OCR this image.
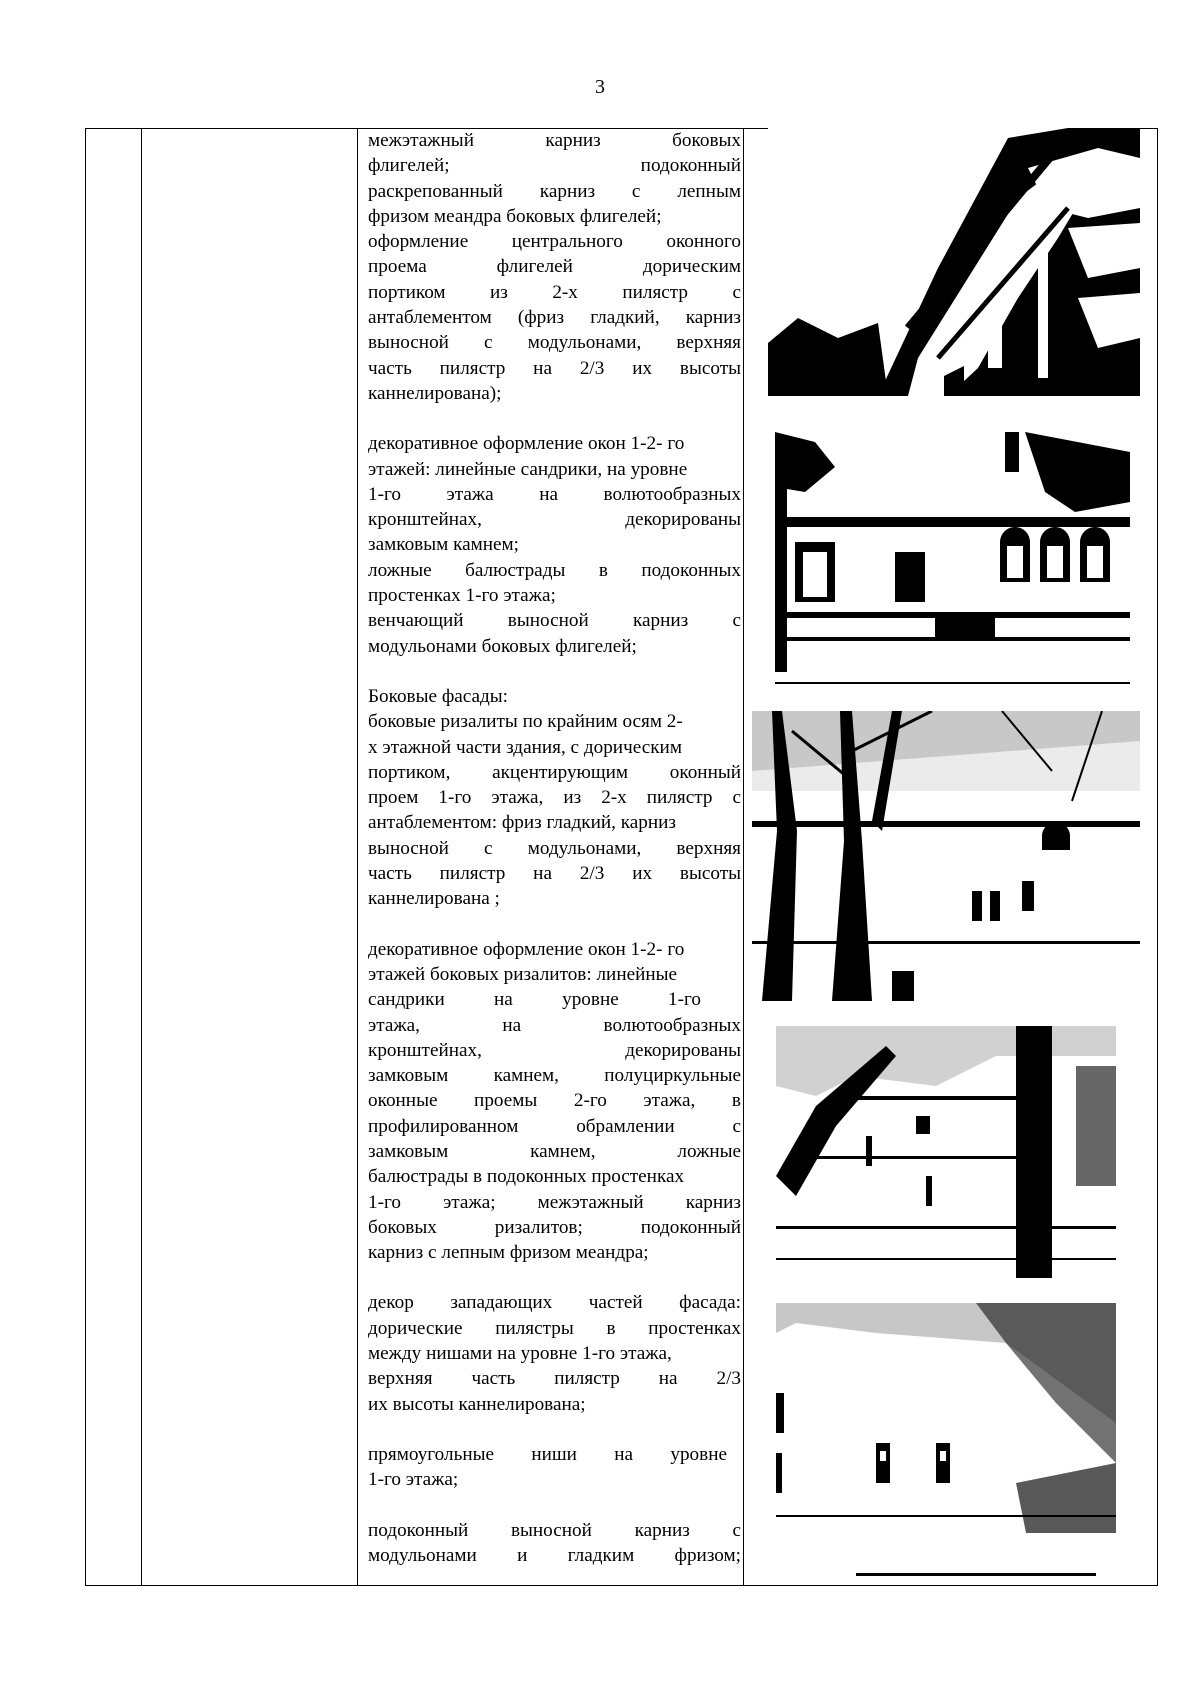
3
межэтажный карниз боковых
флигелей; подоконный
раскрепованный карниз с лепным
фризом меандра боковых флигелей;
оформление центрального оконного
проема флигелей дорическим
портиком из 2-х пилястр с
антаблементом (фриз гладкий, карниз
выносной с модульонами, верхняя
часть пилястр на 2/3 их высоты
каннелирована);
декоративное оформление окон 1-2- го
этажей: линейные сандрики, на уровне
1-го этажа на волютообразных
кронштейнах, декорированы
замковым камнем;
ложные балюстрады в подоконных
простенках 1-го этажа;
венчающий выносной карниз с
модульонами боковых флигелей;
Боковые фасады:
боковые ризалиты по крайним осям 2-
х этажной части здания, с дорическим
портиком, акцентирующим оконный
проем 1-го этажа, из 2-х пилястр с
антаблементом: фриз гладкий, карниз
выносной с модульонами, верхняя
часть пилястр на 2/3 их высоты
каннелирована ;
декоративное оформление окон 1-2- го
этажей боковых ризалитов: линейные
сандрики на уровне 1-го
этажа, на волютообразных
кронштейнах, декорированы
замковым камнем, полуциркульные
оконные проемы 2-го этажа, в
профилированном обрамлении с
замковым камнем, ложные
балюстрады в подоконных простенках
1-го этажа; межэтажный карниз
боковых ризалитов; подоконный
карниз с лепным фризом меандра;
декор западающих частей фасада:
дорические пилястры в простенках
между нишами на уровне 1-го этажа,
верхняя часть пилястр на 2/3
их высоты каннелирована;
прямоугольные ниши на уровне
1-го этажа;
подоконный выносной карниз с
модульонами и гладким фризом;
